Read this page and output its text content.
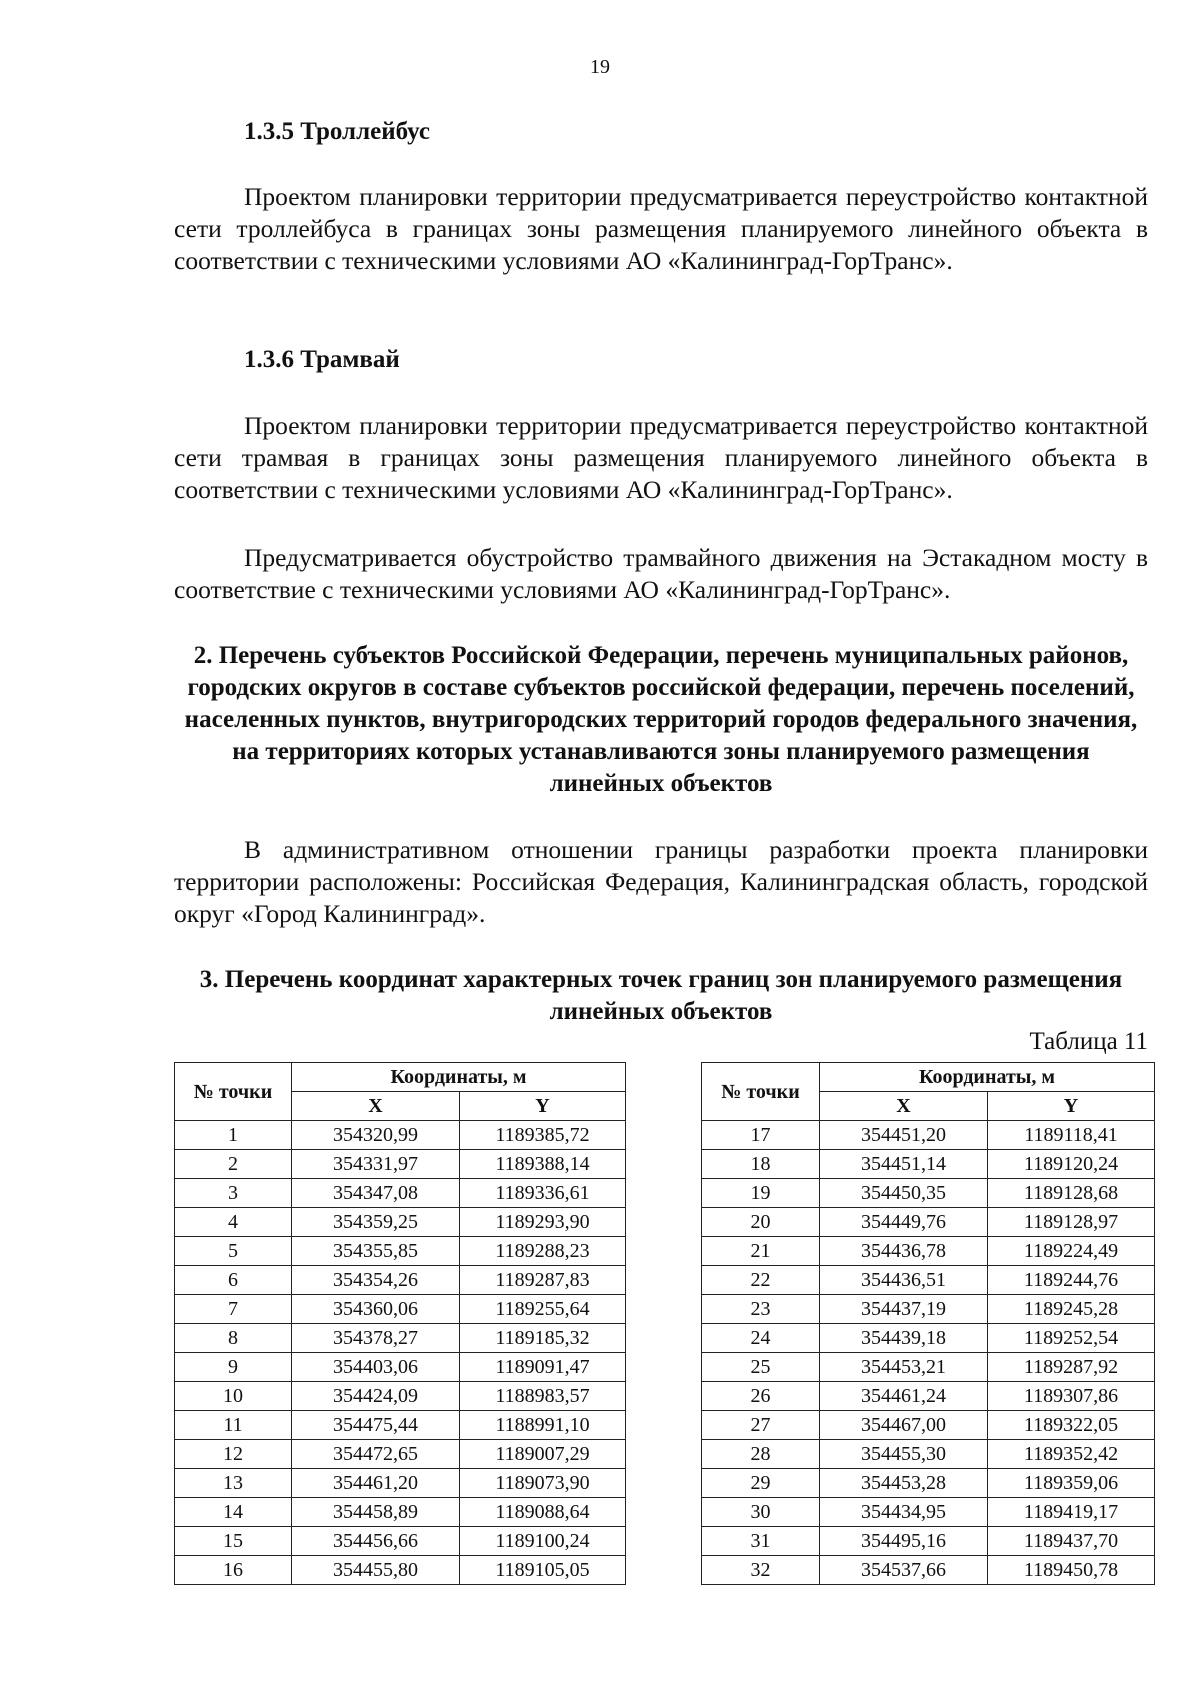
19
1.3.5 Троллейбус
Проектом планировки территории предусматривается переустройство контактной сети троллейбуса в границах зоны размещения планируемого линейного объекта в соответствии с техническими условиями АО «Калининград-ГорТранс».
1.3.6 Трамвай
Проектом планировки территории предусматривается переустройство контактной сети трамвая в границах зоны размещения планируемого линейного объекта в соответствии с техническими условиями АО «Калининград-ГорТранс».
Предусматривается обустройство трамвайного движения на Эстакадном мосту в соответствие с техническими условиями АО «Калининград-ГорТранс».
2. Перечень субъектов Российской Федерации, перечень муниципальных районов, городских округов в составе субъектов российской федерации, перечень поселений, населенных пунктов, внутригородских территорий городов федерального значения, на территориях которых устанавливаются зоны планируемого размещения линейных объектов
В административном отношении границы разработки проекта планировки территории расположены: Российская Федерация, Калининградская область, городской округ «Город Калининград».
3. Перечень координат характерных точек границ зон планируемого размещения линейных объектов
Таблица 11
№ точки	Координаты, м	
	X	Y
1	354320,99	1189385,72
2	354331,97	1189388,14
3	354347,08	1189336,61
4	354359,25	1189293,90
5	354355,85	1189288,23
6	354354,26	1189287,83
7	354360,06	1189255,64
8	354378,27	1189185,32
9	354403,06	1189091,47
10	354424,09	1188983,57
11	354475,44	1188991,10
12	354472,65	1189007,29
13	354461,20	1189073,90
14	354458,89	1189088,64
15	354456,66	1189100,24
16	354455,80	1189105,05
№ точки	Координаты, м	
	X	Y
17	354451,20	1189118,41
18	354451,14	1189120,24
19	354450,35	1189128,68
20	354449,76	1189128,97
21	354436,78	1189224,49
22	354436,51	1189244,76
23	354437,19	1189245,28
24	354439,18	1189252,54
25	354453,21	1189287,92
26	354461,24	1189307,86
27	354467,00	1189322,05
28	354455,30	1189352,42
29	354453,28	1189359,06
30	354434,95	1189419,17
31	354495,16	1189437,70
32	354537,66	1189450,78
